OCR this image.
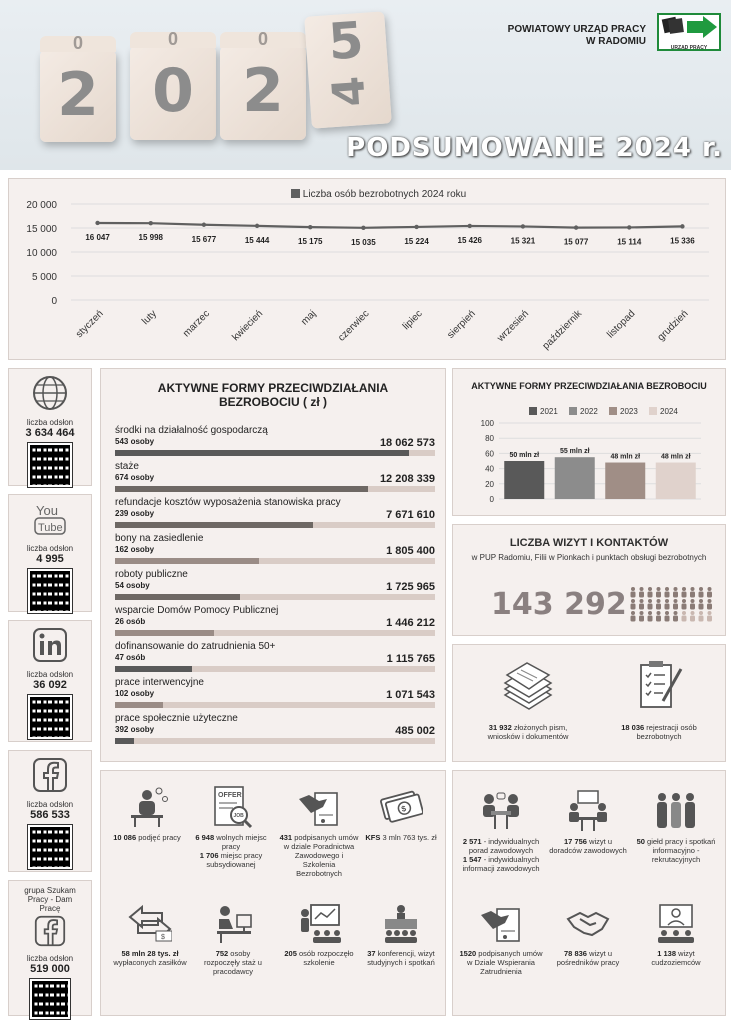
0
2
0
0
0
2
5
4
POWIATOWY URZĄD PRACY
W RADOMIU
URZĄD PRACY
PODSUMOWANIE 2024 r.
Liczba osób bezrobotnych 2024 roku
0
5 000
10 000
15 000
20 000
16 047
styczeń
15 998
luty
15 677
marzec
15 444
kwiecień
15 175
maj
15 035
czerwiec
15 224
lipiec
15 426
sierpień
15 321
wrzesień
15 077
październik
15 114
listopad
15 336
grudzień
liczba odsłon
3 634 464
You
Tube
liczba odsłon
4 995
liczba odsłon
36 092
liczba odsłon
586 533
grupa Szukam Pracy - Dam Pracę
liczba odsłon
519 000
AKTYWNE FORMY PRZECIWDZIAŁANIA
BEZROBOCIU ( zł )
środki na działalność gospodarczą
543 osoby	18 062 573
staże
674 osoby	12 208 339
refundacje kosztów wyposażenia stanowiska pracy
239 osoby	7 671 610
bony na zasiedlenie
162 osoby	1 805 400
roboty publiczne
54 osoby	1 725 965
wsparcie Domów Pomocy Publicznej
26 osób	1 446 212
dofinansowanie do zatrudnienia 50+
47 osób	1 115 765
prace interwencyjne
102 osoby	1 071 543
prace społecznie użyteczne
392 osoby	485 002
AKTYWNE FORMY PRZECIWDZIAŁANIA BEZROBOCIU
0
20
40
60
80
100
2021
50 mln zł
2022
55 mln zł
2023
48 mln zł
2024
48 mln zł
LICZBA WIZYT I KONTAKTÓW
w PUP Radomiu, Filii w Pionkach i punktach obsługi bezrobotnych
143 292
31 932 złożonych pism, wniosków i dokumentów
18 036 rejestracji osób bezrobotnych
10 086 podjęć pracy
OFFER
JOB
6 948 wolnych miejsc pracy
1 706 miejsc pracy subsydiowanej
431 podpisanych umów w dziale Poradnictwa Zawodowego i Szkolenia Bezrobotnych
$
KFS 3 mln 763 tys. zł
$
58 mln 28 tys. zł wypłaconych zasiłków
752 osoby rozpoczęły staż u pracodawcy
205 osób rozpoczęło szkolenie
37 konferencji, wizyt studyjnych i spotkań
2 571 - indywidualnych porad zawodowych
1 547 - indywidualnych informacji zawodowych
17 756 wizyt u doradców zawodowych
50 giełd pracy i spotkań informacyjno - rekrutacyjnych
1520 podpisanych umów w Dziale Wspierania Zatrudnienia
78 836 wizyt u pośredników pracy
1 138 wizyt cudzoziemców
